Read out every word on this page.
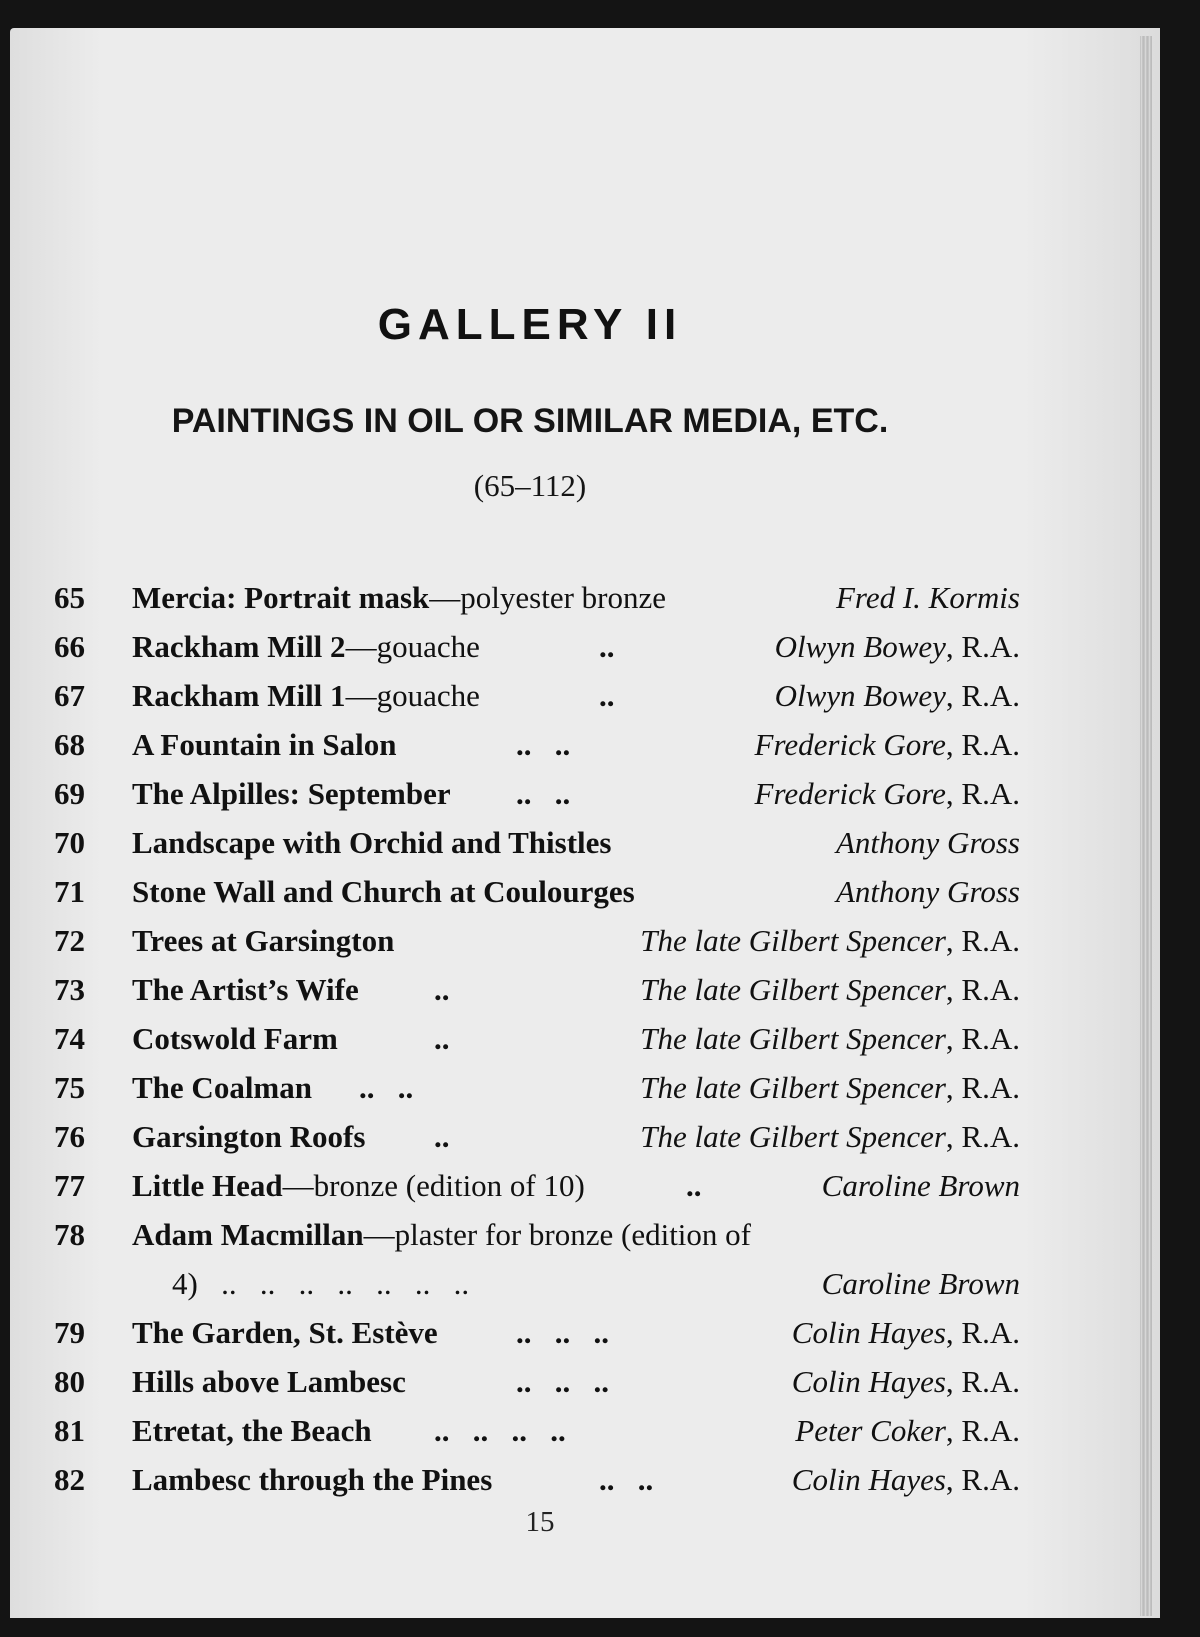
GALLERY II
PAINTINGS IN OIL OR SIMILAR MEDIA, ETC.
(65–112)
65	Mercia: Portrait mask—polyester bronze	Fred I. Kormis
66	Rackham Mill 2—gouache	..	Olwyn Bowey, R.A.
67	Rackham Mill 1—gouache	..	Olwyn Bowey, R.A.
68	A Fountain in Salon	..   ..	Frederick Gore, R.A.
69	The Alpilles: September ..   ..	Frederick Gore, R.A.
70	Landscape with Orchid and Thistles	Anthony Gross
71	Stone Wall and Church at Coulourges	Anthony Gross
72	Trees at Garsington	The late Gilbert Spencer, R.A.
73	The Artist’s Wife ..	The late Gilbert Spencer, R.A.
74	Cotswold Farm	..	The late Gilbert Spencer, R.A.
75	The Coalman ..   ..	The late Gilbert Spencer, R.A.
76	Garsington Roofs ..	The late Gilbert Spencer, R.A.
77	Little Head—bronze (edition of 10)	..	Caroline Brown
78	Adam Macmillan—plaster for bronze (edition of
4)   ..   ..   ..   ..   ..   ..   ..	Caroline Brown
79	The Garden, St. Estève	..   ..   ..	Colin Hayes, R.A.
80	Hills above Lambesc	..   ..   ..	Colin Hayes, R.A.
81	Etretat, the Beach ..   ..   ..   ..	Peter Coker, R.A.
82	Lambesc through the Pines	..   ..	Colin Hayes, R.A.
15
